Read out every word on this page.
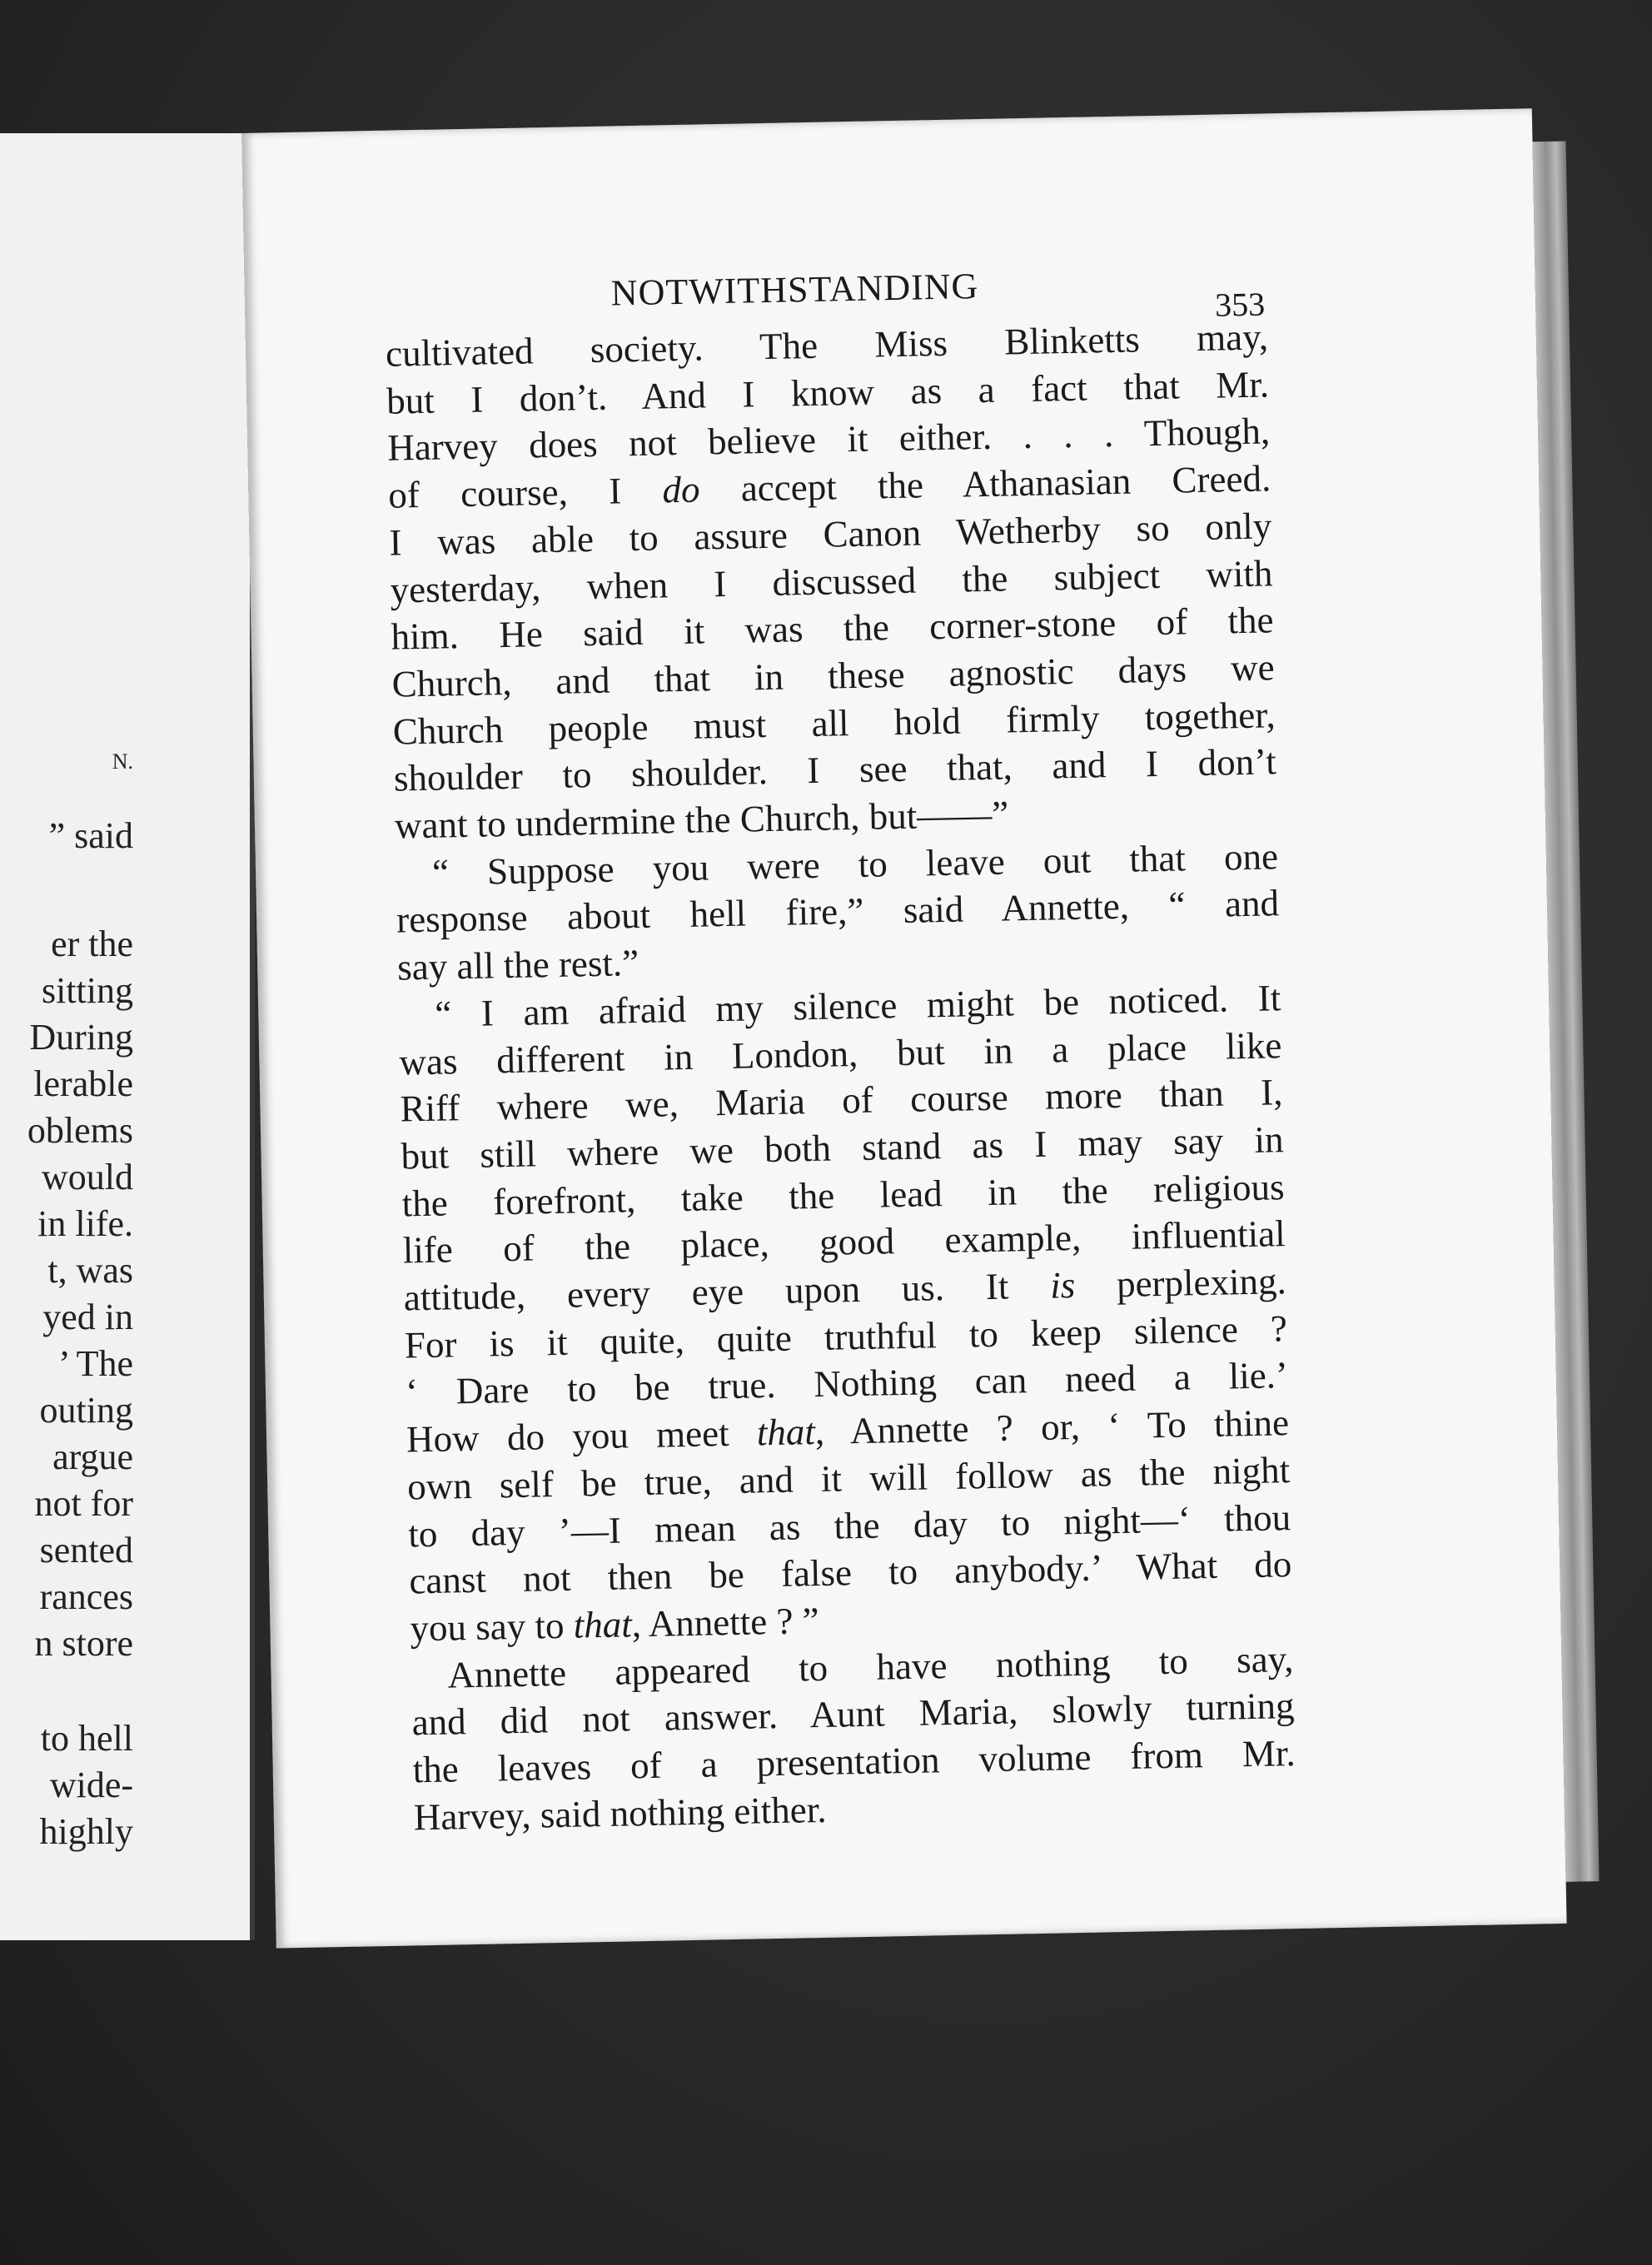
N.
” said
er the
sitting
During
lerable
oblems
would
in life.
t, was
yed in
’ The
outing
argue
not for
sented
rances
n store
to hell
wide-
highly
NOTWITHSTANDING	353
cultivated society. The Miss Blinketts may,
but I don’t. And I know as a fact that Mr.
Harvey does not believe it either. . . . Though,
of course, I do accept the Athanasian Creed.
I was able to assure Canon Wetherby so only
yesterday, when I discussed the subject with
him. He said it was the corner-stone of the
Church, and that in these agnostic days we
Church people must all hold firmly together,
shoulder to shoulder. I see that, and I don’t
want to undermine the Church, but——”
“ Suppose you were to leave out that one
response about hell fire,” said Annette, “ and
say all the rest.”
“ I am afraid my silence might be noticed. It
was different in London, but in a place like
Riff where we, Maria of course more than I,
but still where we both stand as I may say in
the forefront, take the lead in the religious
life of the place, good example, influential
attitude, every eye upon us. It is perplexing.
For is it quite, quite truthful to keep silence ?
‘ Dare to be true. Nothing can need a lie.’
How do you meet that, Annette ? or, ‘ To thine
own self be true, and it will follow as the night
to day ’—I mean as the day to night—‘ thou
canst not then be false to anybody.’ What do
you say to that, Annette ? ”
Annette appeared to have nothing to say,
and did not answer. Aunt Maria, slowly turning
the leaves of a presentation volume from Mr.
Harvey, said nothing either.
